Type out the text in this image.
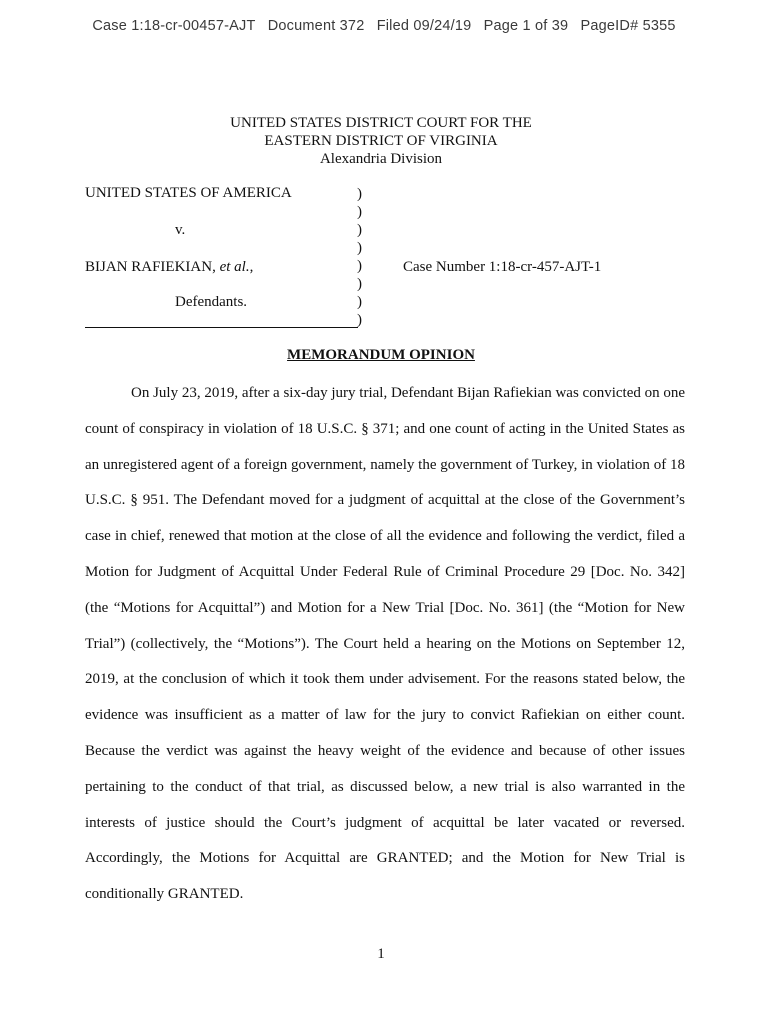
Case 1:18-cr-00457-AJT Document 372 Filed 09/24/19 Page 1 of 39 PageID# 5355
UNITED STATES DISTRICT COURT FOR THE
EASTERN DISTRICT OF VIRGINIA
Alexandria Division
UNITED STATES OF AMERICA
v.
BIJAN RAFIEKIAN, et al.,
Defendants.
Case Number 1:18-cr-457-AJT-1
)
)
)
)
)
)
)
)
MEMORANDUM OPINION

On July 23, 2019, after a six-day jury trial, Defendant Bijan Rafiekian was convicted on one count of conspiracy in violation of 18 U.S.C. § 371; and one count of acting in the United States as an unregistered agent of a foreign government, namely the government of Turkey, in violation of 18 U.S.C. § 951. The Defendant moved for a judgment of acquittal at the close of the Government’s case in chief, renewed that motion at the close of all the evidence and following the verdict, filed a Motion for Judgment of Acquittal Under Federal Rule of Criminal Procedure 29 [Doc. No. 342] (the “Motions for Acquittal”) and Motion for a New Trial [Doc. No. 361] (the “Motion for New Trial”) (collectively, the “Motions”). The Court held a hearing on the Motions on September 12, 2019, at the conclusion of which it took them under advisement. For the reasons stated below, the evidence was insufficient as a matter of law for the jury to convict Rafiekian on either count. Because the verdict was against the heavy weight of the evidence and because of other issues pertaining to the conduct of that trial, as discussed below, a new trial is also warranted in the interests of justice should the Court’s judgment of acquittal be later vacated or reversed. Accordingly, the Motions for Acquittal are GRANTED; and the Motion for New Trial is conditionally GRANTED.

1
